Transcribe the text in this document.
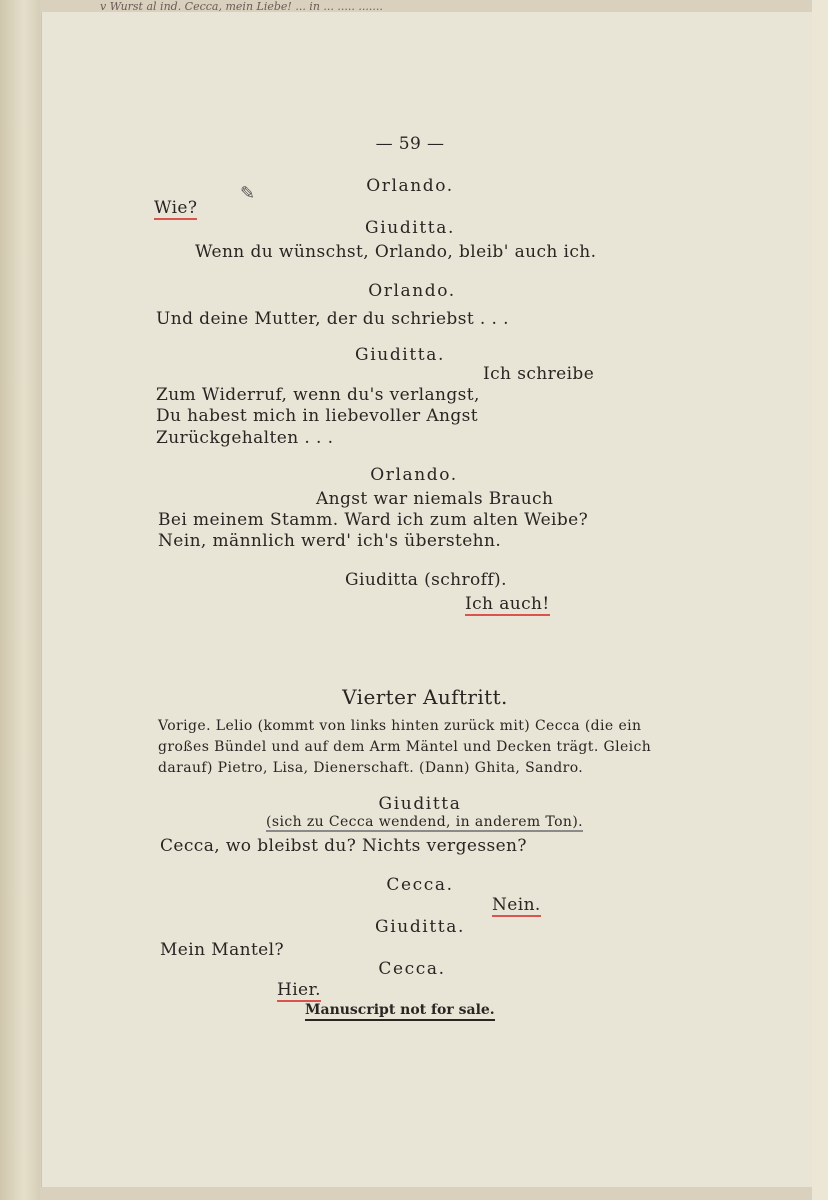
v Wurst al ind. Cecca, mein Liebe! ... in ... ..... .......
— 59 —
✎	Orlando.
Wie?
Giuditta.
Wenn du wünschst, Orlando, bleib' auch ich.
Orlando.
Und deine Mutter, der du schriebst . . .
Giuditta.
Ich schreibe
Zum Widerruf, wenn du's verlangst,
Du habest mich in liebevoller Angst
Zurückgehalten . . .
Orlando.
Angst war niemals Brauch
Bei meinem Stamm. Ward ich zum alten Weibe?
Nein, männlich werd' ich's überstehn.
Giuditta (schroff).
Ich auch!
Vierter Auftritt.
Vorige. Lelio (kommt von links hinten zurück mit) Cecca (die ein
großes Bündel und auf dem Arm Mäntel und Decken trägt. Gleich
darauf) Pietro, Lisa, Dienerschaft. (Dann) Ghita, Sandro.
Giuditta
(sich zu Cecca wendend, in anderem Ton).
Cecca, wo bleibst du? Nichts vergessen?
Cecca.
Nein.
Giuditta.
Mein Mantel?
Cecca.
Hier.
Manuscript not for sale.
